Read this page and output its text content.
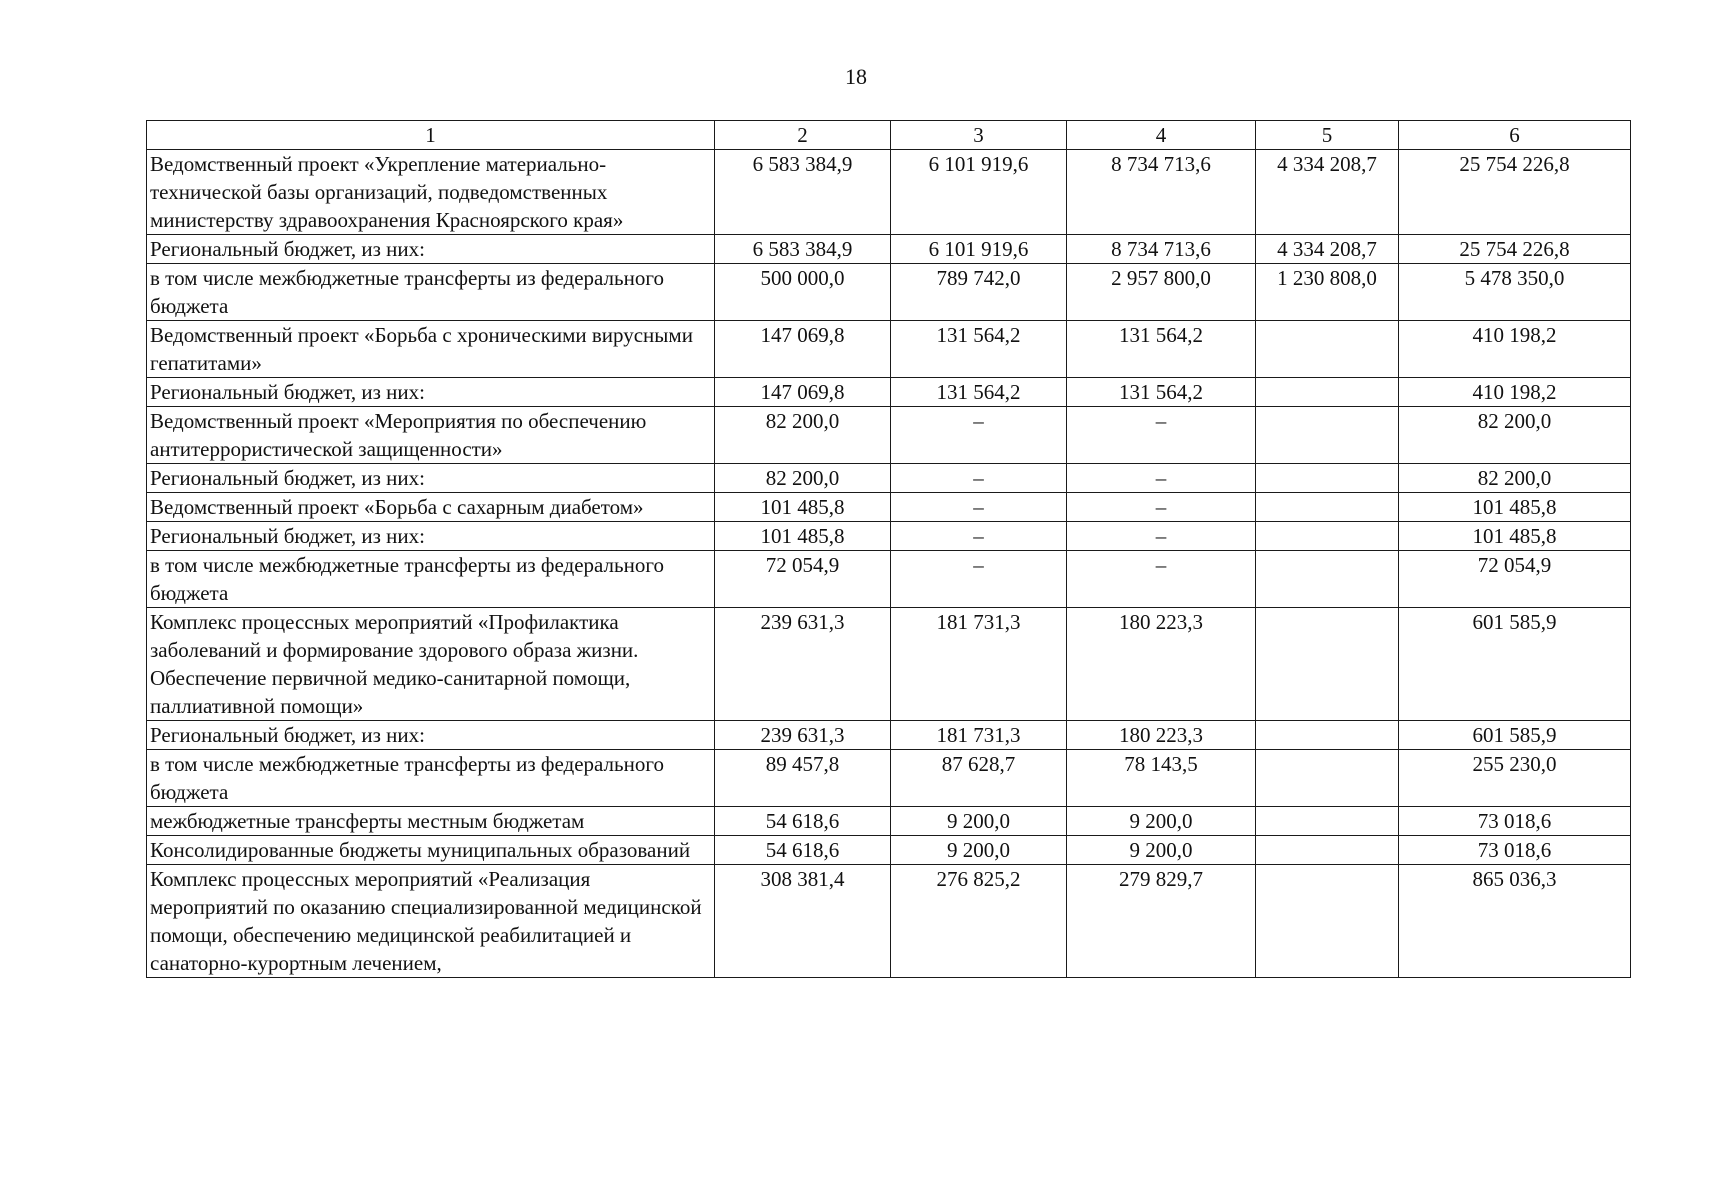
18
1	2	3	4	5	6
Ведомственный проект «Укрепление материально-технической базы организаций, подведомственных министерству здравоохранения Красноярского края»	6 583 384,9	6 101 919,6	8 734 713,6	4 334 208,7	25 754 226,8
Региональный бюджет, из них:	6 583 384,9	6 101 919,6	8 734 713,6	4 334 208,7	25 754 226,8
в том числе межбюджетные трансферты из федерального бюджета	500 000,0	789 742,0	2 957 800,0	1 230 808,0	5 478 350,0
Ведомственный проект «Борьба с хроническими вирусными гепатитами»	147 069,8	131 564,2	131 564,2		410 198,2
Региональный бюджет, из них:	147 069,8	131 564,2	131 564,2		410 198,2
Ведомственный проект «Мероприятия по обеспечению антитеррористической защищенности»	82 200,0	–	–		82 200,0
Региональный бюджет, из них:	82 200,0	–	–		82 200,0
Ведомственный проект «Борьба с сахарным диабетом»	101 485,8	–	–		101 485,8
Региональный бюджет, из них:	101 485,8	–	–		101 485,8
в том числе межбюджетные трансферты из федерального бюджета	72 054,9	–	–		72 054,9
Комплекс процессных мероприятий «Профилактика заболеваний и формирование здорового образа жизни. Обеспечение первичной медико-санитарной помощи, паллиативной помощи»	239 631,3	181 731,3	180 223,3		601 585,9
Региональный бюджет, из них:	239 631,3	181 731,3	180 223,3		601 585,9
в том числе межбюджетные трансферты из федерального бюджета	89 457,8	87 628,7	78 143,5		255 230,0
межбюджетные трансферты местным бюджетам	54 618,6	9 200,0	9 200,0		73 018,6
Консолидированные бюджеты муниципальных образований	54 618,6	9 200,0	9 200,0		73 018,6
Комплекс процессных мероприятий «Реализация мероприятий по оказанию специализированной медицинской помощи, обеспечению медицинской реабилитацией и санаторно-курортным лечением,	308 381,4	276 825,2	279 829,7		865 036,3
